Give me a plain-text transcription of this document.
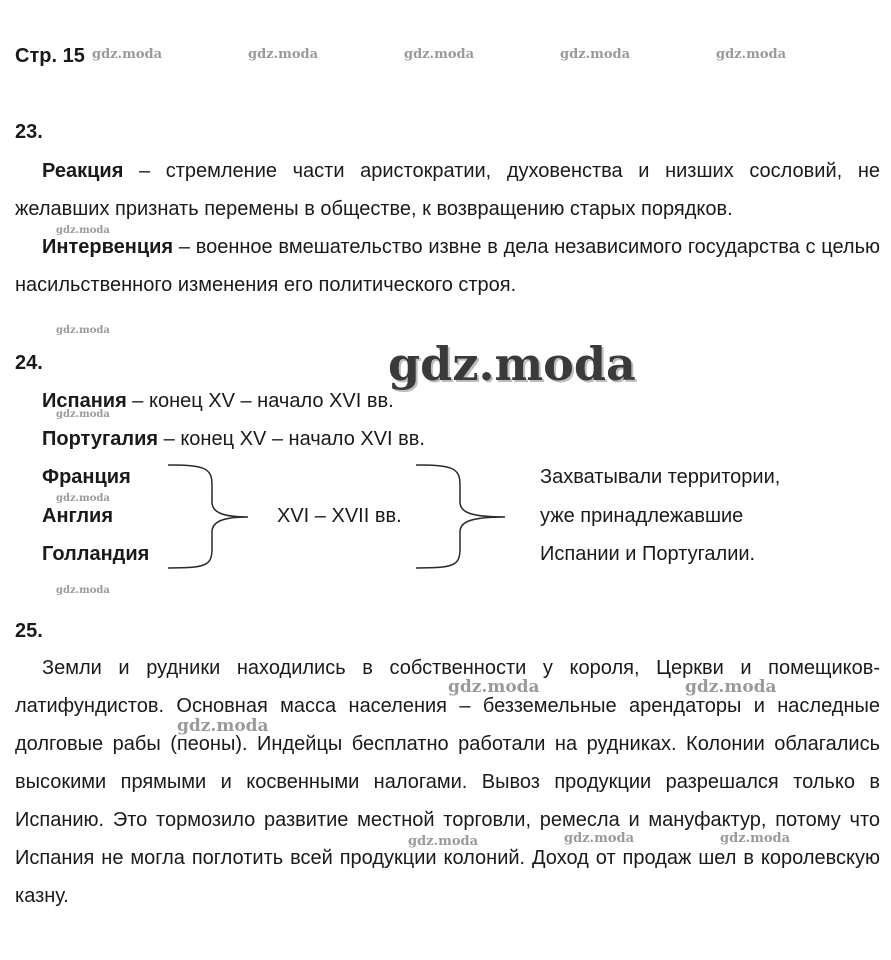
Стр. 15
23.
Реакция – стремление части аристократии, духовенства и низших сословий, не желавших признать перемены в обществе, к возвращению старых порядков.
Интервенция – военное вмешательство извне в дела независимого государства с целью насильственного изменения его политического строя.
24.
Испания – конец XV – начало XVI вв.
Португалия – конец XV – начало XVI вв.
Франция
Англия
Голландия
XVI – XVII вв.
Захватывали территории,
уже принадлежавшие
Испании и Португалии.
25.
Земли и рудники находились в собственности у короля, Церкви и помещиков-латифундистов. Основная масса населения – безземельные арендаторы и наследные долговые рабы (пеоны). Индейцы бесплатно работали на рудниках. Колонии облагались высокими прямыми и косвенными налогами. Вывоз продукции разрешался только в Испанию. Это тормозило развитие местной торговли, ремесла и мануфактур, потому что Испания не могла поглотить всей продукции колоний. Доход от продаж шел в королевскую казну.
gdz.moda	gdz.moda	gdz.moda	gdz.moda	gdz.moda
gdz.moda
gdz.moda
gdz.moda
gdz.moda
gdz.moda
gdz.moda
gdz.moda	gdz.moda
gdz.moda
gdz.moda	gdz.moda	gdz.moda
